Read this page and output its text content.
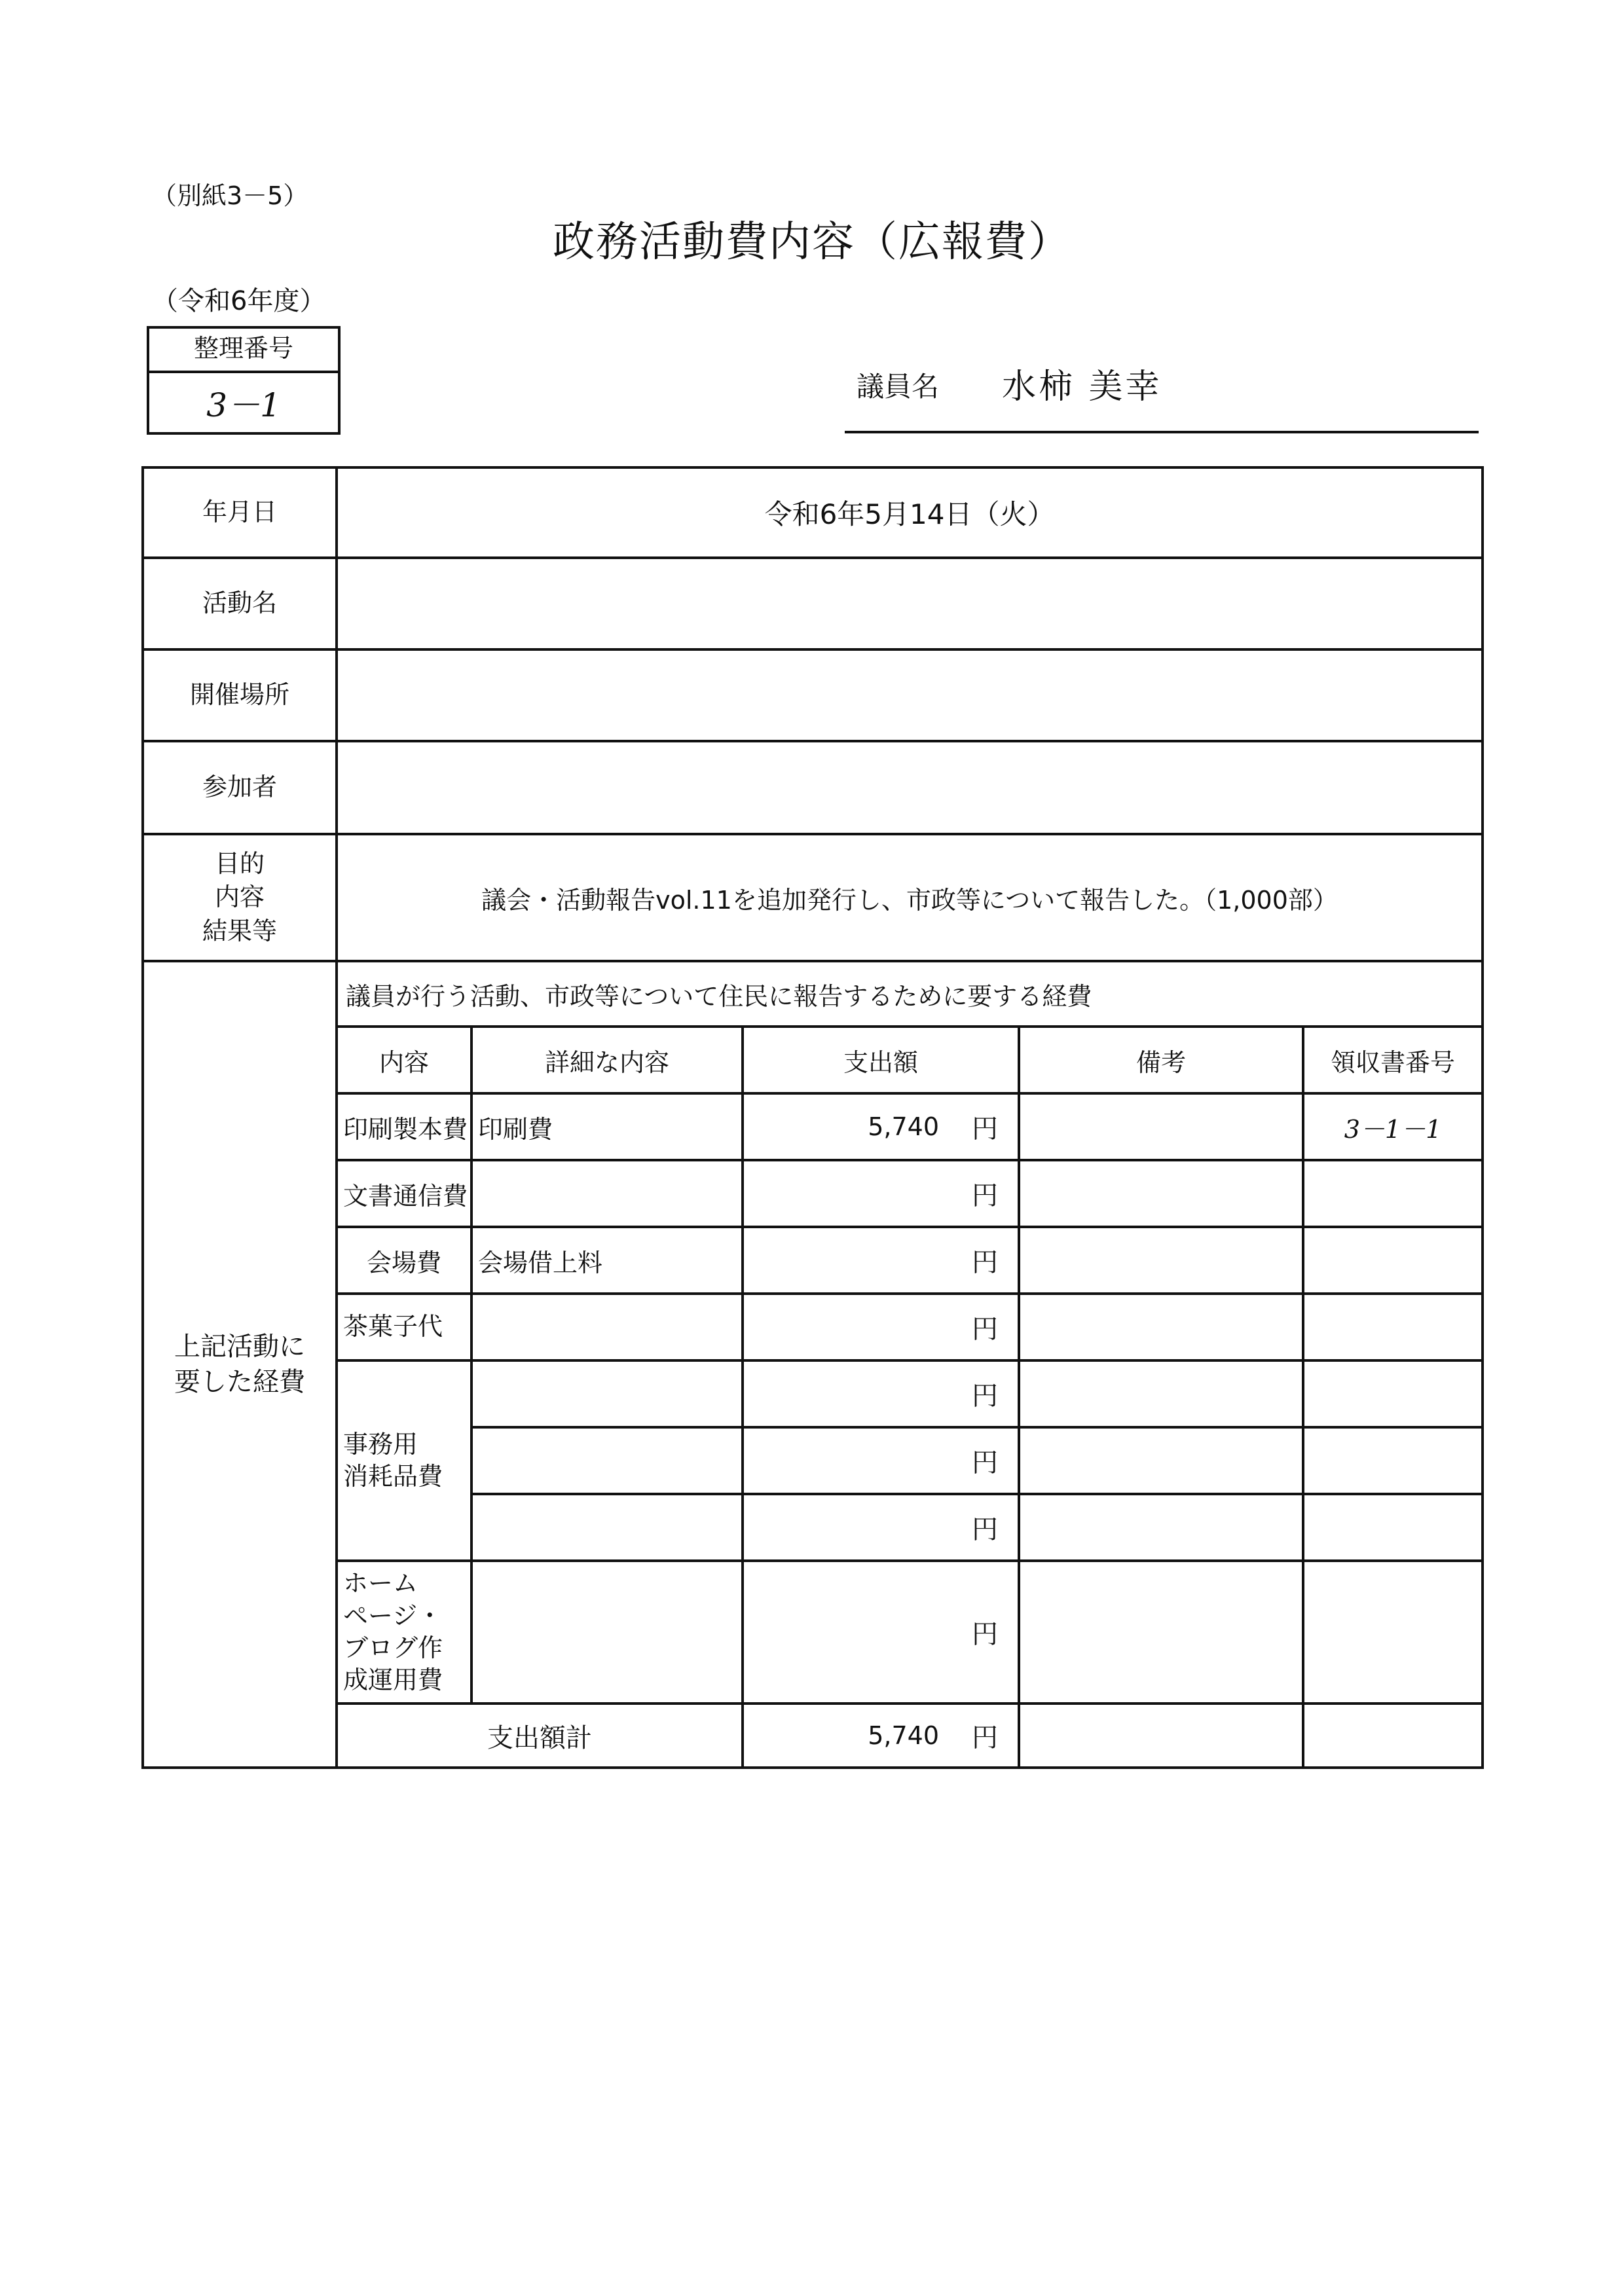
（別紙3－5）
政務活動費内容（広報費）
（令和6年度）
整理番号
3－1	議員名 水柿 美幸
年月日	令和6年5月14日（火）				
活動名					
開催場所					
参加者					

目的
内容
結果等	議会・活動報告vol.11を追加発行し、市政等について報告した。（1,000部）				

上記活動に
要した経費	議員が行う活動、市政等について住民に報告するために要する経費				
	内容	詳細な内容	支出額	備考	領収書番号
	印刷製本費	印刷費	5,740 円		3－1－1
	文書通信費		円		

	会場費	会場借上料	円		

	茶菓子代		円		

	事務用
消耗品費		円		

			円		

			円		

	ホーム
ページ・
ブログ作
成運用費		円		

	支出額計		5,740 円		
